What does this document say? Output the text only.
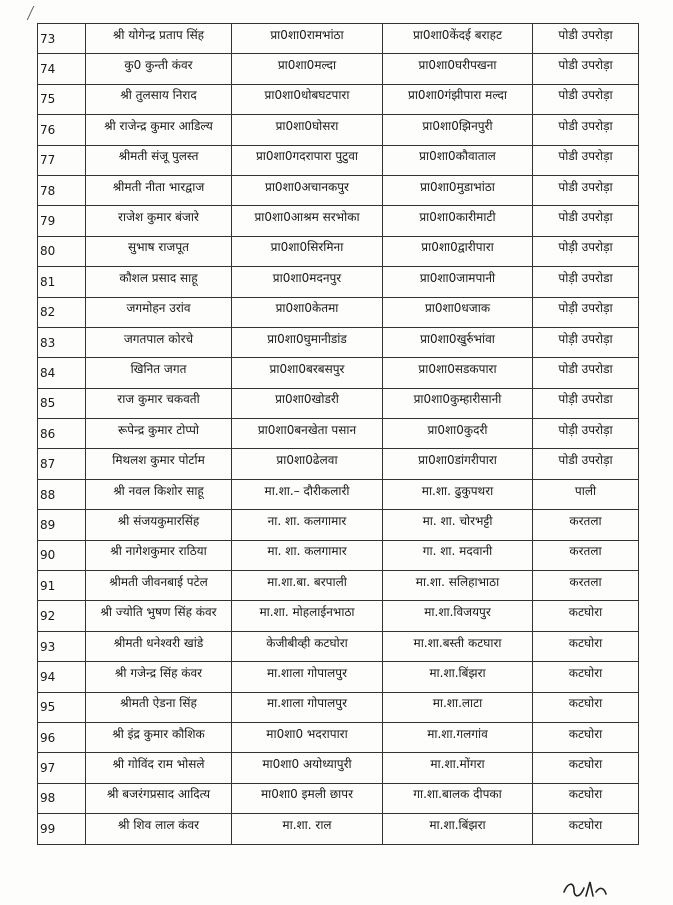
73	श्री योगेन्द्र प्रताप सिंह	प्रा0शा0रामभांठा	प्रा0शा0केंदई बराहट	पोडी उपरोड़ा
74	कु0 कुन्ती कंवर	प्रा0शा0मल्दा	प्रा0शा0घरीपखना	पोडी उपरोड़ा
75	श्री तुलसाय निराद	प्रा0शा0धोबघटपारा	प्रा0शा0गंझीपारा मल्दा	पोडी उपरोड़ा
76	श्री राजेन्द्र कुमार आडिल्य	प्रा0शा0घोसरा	प्रा0शा0झिनपुरी	पोडी उपरोड़ा
77	श्रीमती संजू पुलस्त	प्रा0शा0गदरापारा पुटुवा	प्रा0शा0कौवाताल	पोडी उपरोड़ा
78	श्रीमती नीता भारद्वाज	प्रा0शा0अचानकपुर	प्रा0शा0मुडाभांठा	पोडी उपरोड़ा
79	राजेश कुमार बंजारे	प्रा0शा0आश्रम सरभोका	प्रा0शा0कारीमाटी	पोडी उपरोड़ा
80	सुभाष राजपूत	प्रा0शा0सिरमिना	प्रा0शा0द्वारीपारा	पोड़ी उपरोड़ा
81	कौशल प्रसाद साहू	प्रा0शा0मदनपुर	प्रा0शा0जामपानी	पोड़ी उपरोडा
82	जगमोहन उरांव	प्रा0शा0केतमा	प्रा0शा0धजाक	पोड़ी उपरोड़ा
83	जगतपाल कोरचे	प्रा0शा0घुमानीडांड	प्रा0शा0खुर्रुभांवा	पोड़ी उपरोड़ा
84	खिनित जगत	प्रा0शा0बरबसपुर	प्रा0शा0सडकपारा	पोडी उपरोडा
85	राज कुमार चकवती	प्रा0शा0खोडरी	प्रा0शा0कुम्हारीसानी	पोड़ी उपरोडा
86	रूपेन्द्र कुमार टोप्पो	प्रा0शा0बनखेता पसान	प्रा0शा0कुदरी	पोड़ी उपरोड़ा
87	मिथलश कुमार पोर्टाम	प्रा0शा0ढेलवा	प्रा0शा0डांगरीपारा	पोडी उपरोड़ा
88	श्री नवल किशोर साहू	मा.शा.– दौरीकलारी	मा.शा. ढुकुपथरा	पाली
89	श्री संजयकुमारसिंह	ना. शा. कलगामार	मा. शा. चोरभट्टी	करतला
90	श्री नागेशकुमार राठिया	मा. शा. कलगामार	गा. शा. मदवानी	करतला
91	श्रीमती जीवनबाई पटेल	मा.शा.बा. बरपाली	मा.शा. सलिहाभाठा	करतला
92	श्री ज्योति भुषण सिंह कंवर	मा.शा. मोहलाईनभाठा	मा.शा.विजयपुर	कटघोरा
93	श्रीमती धनेश्वरी खांडे	केजीबीव्ही कटघोरा	मा.शा.बस्ती कटघारा	कटघोरा
94	श्री गजेन्द्र सिंह कंवर	मा.शाला गोपालपुर	मा.शा.बिंझरा	कटघोरा
95	श्रीमती ऐडना सिंह	मा.शाला गोपालपुर	मा.शा.लाटा	कटघोरा
96	श्री इंद्र कुमार कौशिक	मा0शा0 भदरापारा	मा.शा.गलगांव	कटघोरा
97	श्री गोविंद राम भोसले	मा0शा0 अयोध्यापुरी	मा.शा.मोंगरा	कटघोरा
98	श्री बजरंगप्रसाद आदित्य	मा0शा0 इमली छापर	गा.शा.बालक दीपका	कटघोरा
99	श्री शिव लाल कंवर	मा.शा. राल	मा.शा.बिंझरा	कटघोरा
